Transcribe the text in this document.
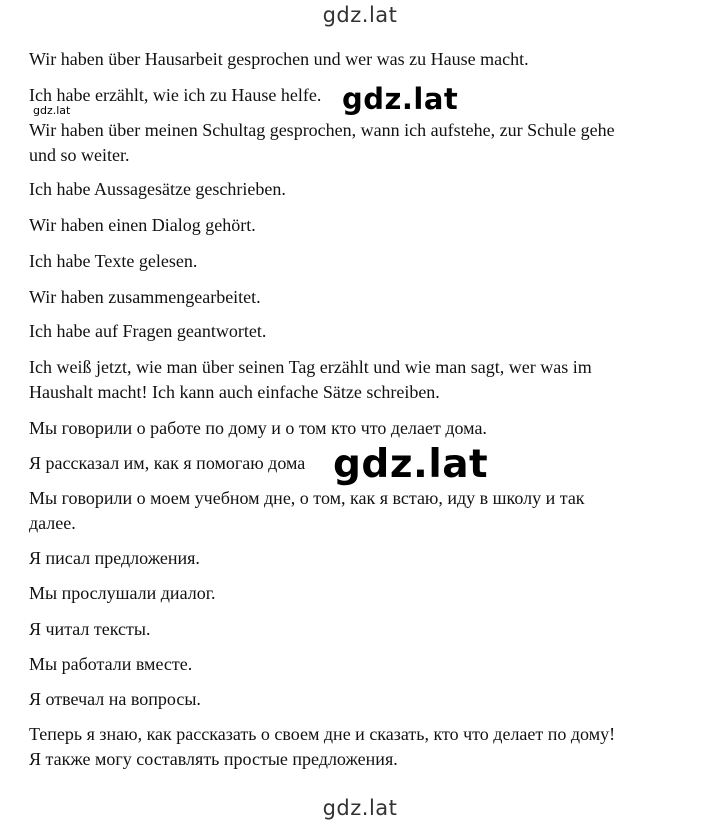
gdz.lat
Wir haben über Hausarbeit gesprochen und wer was zu Hause macht.
Ich habe erzählt, wie ich zu Hause helfe.
gdz.lat	gdz.lat
Wir haben über meinen Schultag gesprochen, wann ich aufstehe, zur Schule gehe
und so weiter.
Ich habe Aussagesätze geschrieben.
Wir haben einen Dialog gehört.
Ich habe Texte gelesen.
Wir haben zusammengearbeitet.
Ich habe auf Fragen geantwortet.
Ich weiß jetzt, wie man über seinen Tag erzählt und wie man sagt, wer was im
Haushalt macht! Ich kann auch einfache Sätze schreiben.
Мы говорили о работе по дому и о том кто что делает дома.
Я рассказал им, как я помогаю дома gdz.lat
Мы говорили о моем учебном дне, о том, как я встаю, иду в школу и так
далее.
Я писал предложения.
Мы прослушали диалог.
Я читал тексты.
Мы работали вместе.
Я отвечал на вопросы.
Теперь я знаю, как рассказать о своем дне и сказать, кто что делает по дому!
Я также могу составлять простые предложения.
gdz.lat
